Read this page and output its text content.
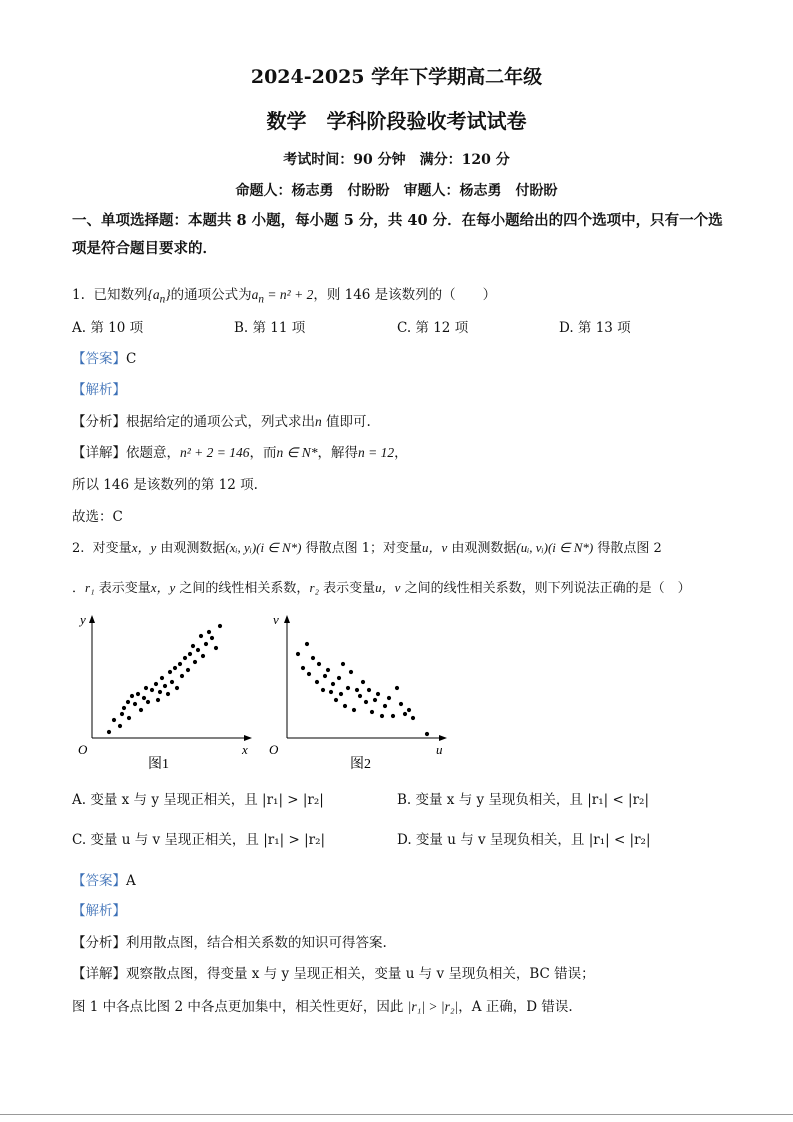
2024-2025 学年下学期高二年级
数学　学科阶段验收考试试卷
考试时间：90 分钟　满分：120 分
命题人：杨志勇　付盼盼　审题人：杨志勇　付盼盼
一、单项选择题：本题共 8 小题，每小题 5 分，共 40 分．在每小题给出的四个选项中，只有一个选项是符合题目要求的．
1. 已知数列$\{a_n\}$的通项公式为$a_n = n^2 + 2$，则 146 是该数列的（　　）
A. 第 10 项	B. 第 11 项	C. 第 12 项	D. 第 13 项
【答案】C
【解析】
【分析】根据给定的通项公式，列式求出n 值即可.
【详解】依题意，n² + 2 = 146，而n ∈ N*，解得n = 12，
所以 146 是该数列的第 12 项.
故选：C
2. 对变量x，y 由观测数据(xᵢ, yᵢ)(i ∈ N*) 得散点图 1；对变量u，v 由观测数据(uᵢ, vᵢ)(i ∈ N*) 得散点图 2
．r₁ 表示变量x，y 之间的线性相关系数，r₂ 表示变量u，v 之间的线性相关系数，则下列说法正确的是（　）
O	x
y
图1
O	u
v
图2
A. 变量 x 与 y 呈现正相关，且 |r₁| > |r₂|	B. 变量 x 与 y 呈现负相关，且 |r₁| < |r₂|
C. 变量 u 与 v 呈现正相关，且 |r₁| > |r₂|	D. 变量 u 与 v 呈现负相关，且 |r₁| < |r₂|
【答案】A
【解析】
【分析】利用散点图，结合相关系数的知识可得答案.
【详解】观察散点图，得变量 x 与 y 呈现正相关，变量 u 与 v 呈现负相关，BC 错误；
图 1 中各点比图 2 中各点更加集中，相关性更好，因此 |r₁| > |r₂|，A 正确，D 错误.
